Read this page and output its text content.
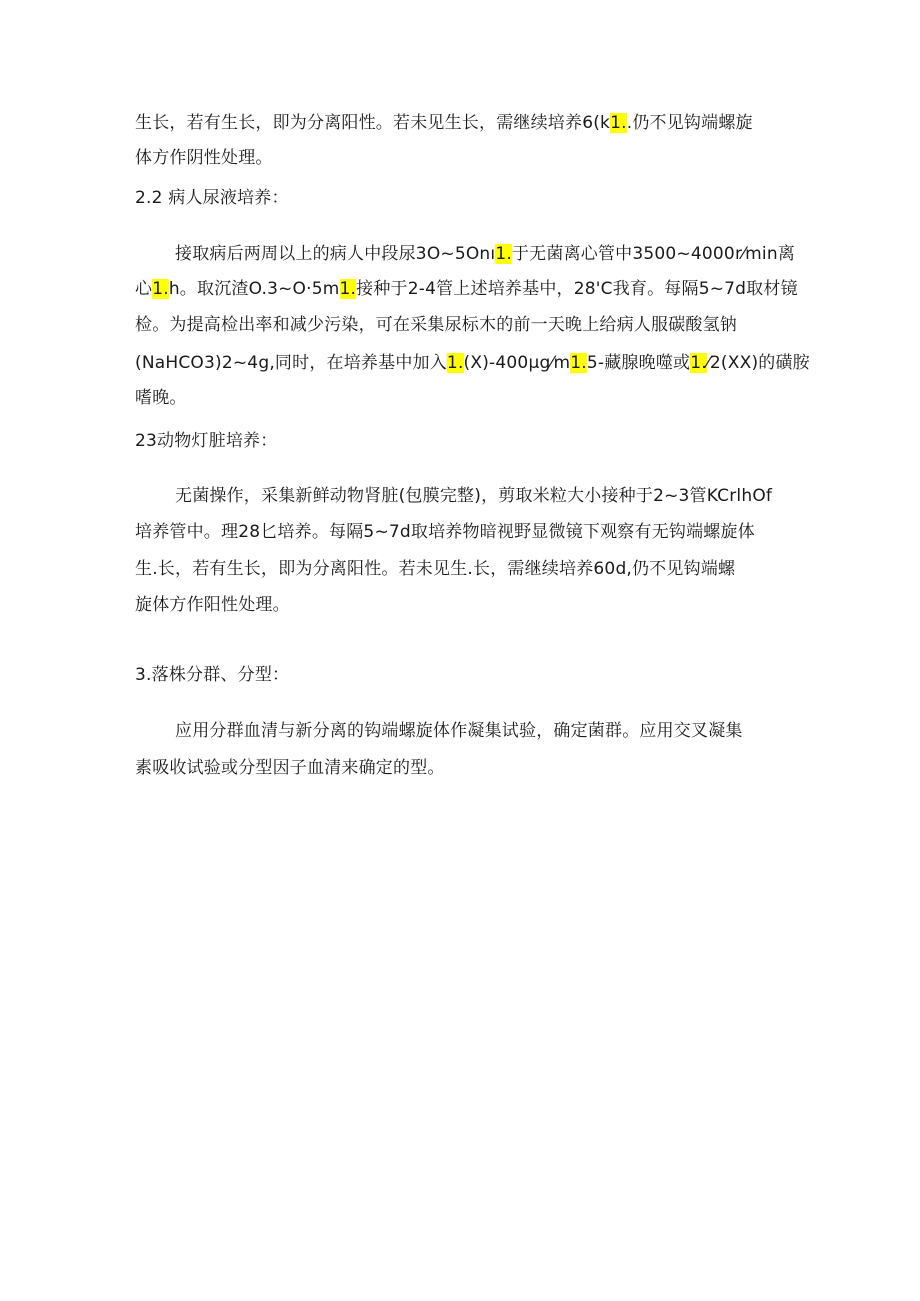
生长，若有生长，即为分离阳性。若未见生长，需继续培养6(k1..仍不见钩端螺旋
体方作阴性处理。
2.2 病人尿液培养：
接取病后两周以上的病人中段尿3O~5Onı1.于无菌离心管中3500~4000r⁄min离
心1.h。取沉渣O.3~O·5m1.接种于2-4管上述培养基中，28'C我育。每隔5~7d取材镜
检。为提高检出率和减少污染，可在采集尿标木的前一天晚上给病人服碳酸氢钠
(NaHCO3)2~4g,同时，在培养基中加入1.(X)-400μg⁄m1.5-藏腺晚噬或1.⁄2(XX)的磺胺
嗜晚。
23动物灯脏培养：
无菌操作，采集新鲜动物肾脏(包膜完整)，剪取米粒大小接种于2~3管KCrlhOf
培养管中。理28匕培养。每隔5~7d取培养物暗视野显微镜下观察有无钩端螺旋体
生.长，若有生长，即为分离阳性。若未见生.长，需继续培养60d,仍不见钩端螺
旋体方作阳性处理。
3.落株分群、分型：
应用分群血清与新分离的钩端螺旋体作凝集试验，确定菌群。应用交叉凝集
素吸收试验或分型因子血清来确定的型。
